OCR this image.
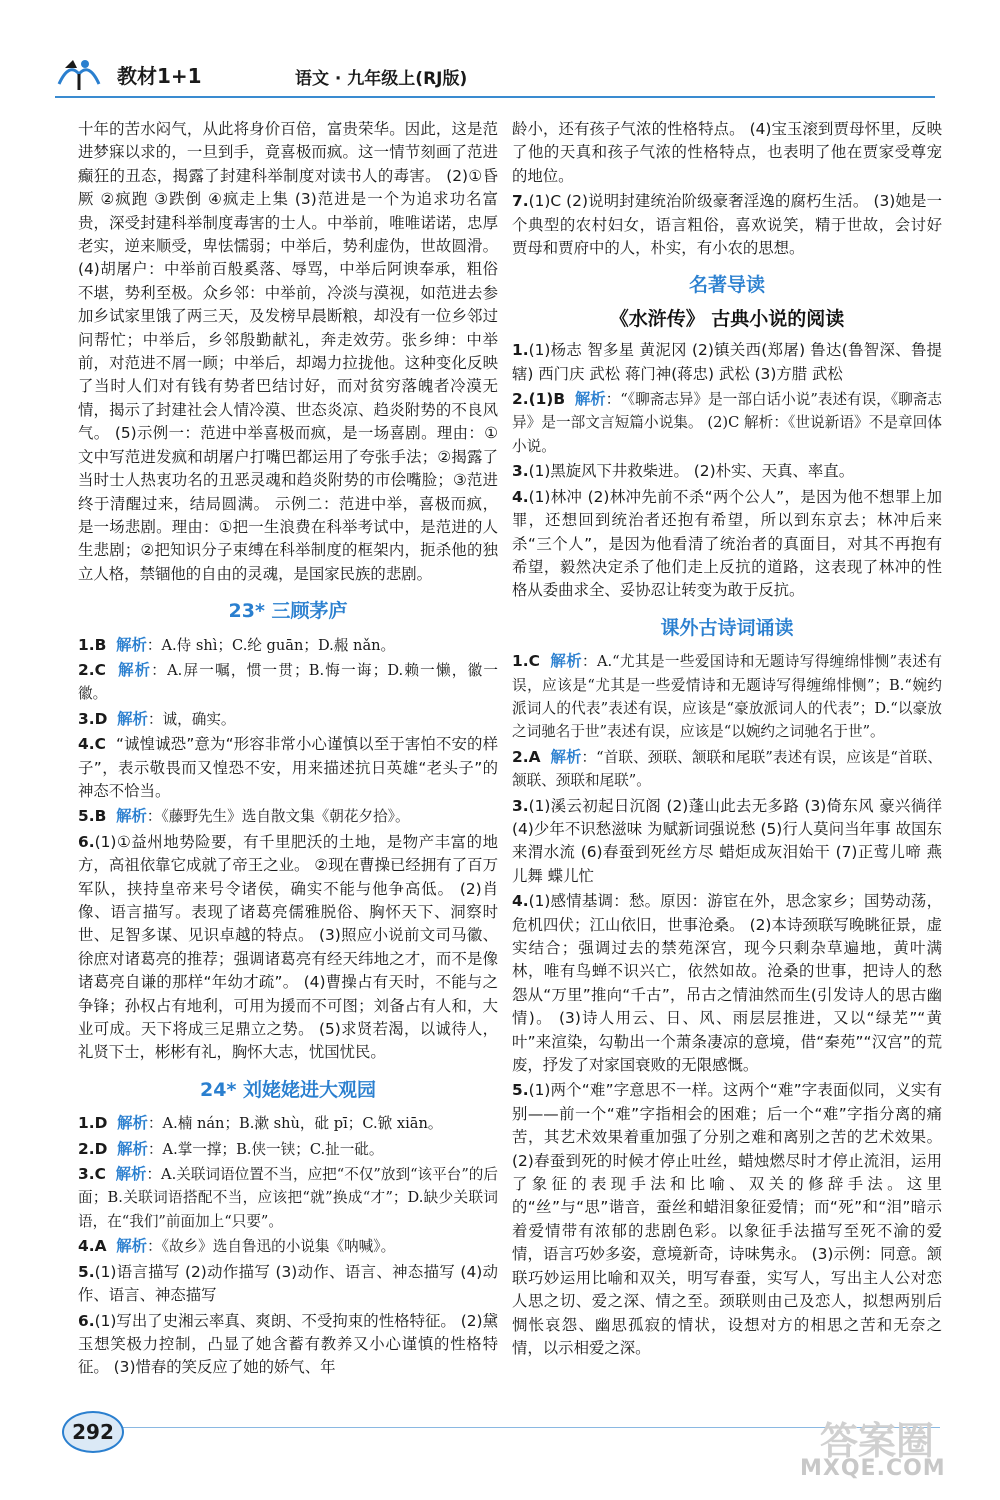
教材1+1	语文 · 九年级上(RJ版)

十年的苦水闷气，从此将身价百倍，富贵荣华。因此，这是范进梦寐以求的，一旦到手，竟喜极而疯。这一情节刻画了范进癫狂的丑态，揭露了封建科举制度对读书人的毒害。 (2)①昏厥 ②疯跑 ③跌倒 ④疯走上集 (3)范进是一个为追求功名富贵，深受封建科举制度毒害的士人。中举前，唯唯诺诺，忠厚老实，逆来顺受，卑怯懦弱；中举后，势利虚伪，世故圆滑。 (4)胡屠户：中举前百般奚落、辱骂，中举后阿谀奉承，粗俗不堪，势利至极。众乡邻：中举前，冷淡与漠视，如范进去参加乡试家里饿了两三天，及发榜早晨断粮，却没有一位乡邻过问帮忙；中举后，乡邻殷勤献礼，奔走效劳。张乡绅：中举前，对范进不屑一顾；中举后，却竭力拉拢他。这种变化反映了当时人们对有钱有势者巴结讨好，而对贫穷落魄者冷漠无情，揭示了封建社会人情冷漠、世态炎凉、趋炎附势的不良风气。 (5)示例一：范进中举喜极而疯，是一场喜剧。理由：①文中写范进发疯和胡屠户打嘴巴都运用了夸张手法；②揭露了当时士人热衷功名的丑恶灵魂和趋炎附势的市侩嘴脸；③范进终于清醒过来，结局圆满。 示例二：范进中举，喜极而疯，是一场悲剧。理由：①把一生浪费在科举考试中，是范进的人生悲剧；②把知识分子束缚在科举制度的框架内，扼杀他的独立人格，禁锢他的自由的灵魂，是国家民族的悲剧。

23* 三顾茅庐

1.B 解析：A.侍 shì；C.纶 guān；D.赧 nǎn。

2.C 解析：A.屏一嘱，惯一贯；B.悔一诲；D.赖一懒，徽一徽。

3.D 解析：诚，确实。

4.C “诚惶诚恐”意为“形容非常小心谨慎以至于害怕不安的样子”，表示敬畏而又惶恐不安，用来描述抗日英雄“老头子”的神态不恰当。

5.B 解析：《藤野先生》选自散文集《朝花夕拾》。

6.(1)①益州地势险要，有千里肥沃的土地，是物产丰富的地方，高祖依靠它成就了帝王之业。 ②现在曹操已经拥有了百万军队，挟持皇帝来号令诸侯，确实不能与他争高低。 (2)肖像、语言描写。表现了诸葛亮儒雅脱俗、胸怀天下、洞察时世、足智多谋、见识卓越的特点。 (3)照应小说前文司马徽、徐庶对诸葛亮的推荐；强调诸葛亮有经天纬地之才，而不是像诸葛亮自谦的那样“年幼才疏”。 (4)曹操占有天时，不能与之争锋；孙权占有地利，可用为援而不可图；刘备占有人和，大业可成。天下将成三足鼎立之势。 (5)求贤若渴，以诚待人，礼贤下士，彬彬有礼，胸怀大志，忧国忧民。

24* 刘姥姥进大观园

1.D 解析：A.楠 nán；B.漱 shù，砒 pī；C.锨 xiān。

2.D 解析：A.掌一撑；B.侠一铗；C.扯一砒。

3.C 解析：A.关联词语位置不当，应把“不仅”放到“该平台”的后面；B.关联词语搭配不当，应该把“就”换成“才”；D.缺少关联词语，在“我们”前面加上“只要”。

4.A 解析：《故乡》选自鲁迅的小说集《呐喊》。

5.(1)语言描写 (2)动作描写 (3)动作、语言、神态描写 (4)动作、语言、神态描写

6.(1)写出了史湘云率真、爽朗、不受拘束的性格特征。 (2)黛玉想笑极力控制，凸显了她含蓄有教养又小心谨慎的性格特征。 (3)惜春的笑反应了她的娇气、年

龄小，还有孩子气浓的性格特点。 (4)宝玉滚到贾母怀里，反映了他的天真和孩子气浓的性格特点，也表明了他在贾家受尊宠的地位。

7.(1)C (2)说明封建统治阶级豪奢淫逸的腐朽生活。 (3)她是一个典型的农村妇女，语言粗俗，喜欢说笑，精于世故，会讨好贾母和贾府中的人，朴实，有小农的思想。

名著导读
《水浒传》 古典小说的阅读

1.(1)杨志 智多星 黄泥冈 (2)镇关西(郑屠) 鲁达(鲁智深、鲁提辖) 西门庆 武松 蒋门神(蒋忠) 武松 (3)方腊 武松

2.(1)B 解析：“《聊斋志异》是一部白话小说”表述有误，《聊斋志异》是一部文言短篇小说集。 (2)C 解析：《世说新语》不是章回体小说。

3.(1)黑旋风下井救柴进。 (2)朴实、天真、率直。

4.(1)林冲 (2)林冲先前不杀“两个公人”，是因为他不想罪上加罪，还想回到统治者还抱有希望，所以到东京去；林冲后来杀“三个人”，是因为他看清了统治者的真面目，对其不再抱有希望，毅然决定杀了他们走上反抗的道路，这表现了林冲的性格从委曲求全、妥协忍让转变为敢于反抗。

课外古诗词诵读

1.C 解析：A.“尤其是一些爱国诗和无题诗写得缠绵悱恻”表述有误，应该是“尤其是一些爱情诗和无题诗写得缠绵悱恻”；B.“婉约派词人的代表”表述有误，应该是“豪放派词人的代表”；D.“以豪放之词驰名于世”表述有误，应该是“以婉约之词驰名于世”。

2.A 解析：“首联、颈联、颔联和尾联”表述有误，应该是“首联、颔联、颈联和尾联”。

3.(1)溪云初起日沉阁 (2)蓬山此去无多路 (3)倚东风 豪兴徜徉 (4)少年不识愁滋味 为赋新词强说愁 (5)行人莫问当年事 故国东来渭水流 (6)春蚕到死丝方尽 蜡炬成灰泪始干 (7)正莺儿啼 燕儿舞 蝶儿忙

4.(1)感情基调：愁。原因：游宦在外，思念家乡；国势动荡，危机四伏；江山依旧，世事沧桑。 (2)本诗颈联写晚眺征景，虚实结合；强调过去的禁苑深宫，现今只剩杂草遍地，黄叶满林，唯有鸟蝉不识兴亡，依然如故。沧桑的世事，把诗人的愁怨从“万里”推向“千古”，吊古之情油然而生(引发诗人的思古幽情)。 (3)诗人用云、日、风、雨层层推进，又以“绿芜”“黄叶”来渲染，勾勒出一个萧条凄凉的意境，借“秦苑”“汉宫”的荒废，抒发了对家国衰败的无限感慨。

5.(1)两个“难”字意思不一样。这两个“难”字表面似同，义实有别——前一个“难”字指相会的困难；后一个“难”字指分离的痛苦，其艺术效果着重加强了分别之难和离别之苦的艺术效果。 (2)春蚕到死的时候才停止吐丝，蜡烛燃尽时才停止流泪，运用了象征的表现手法和比喻、双关的修辞手法。这里的“丝”与“思”谐音，蚕丝和蜡泪象征爱情；而“死”和“泪”暗示着爱情带有浓郁的悲剧色彩。以象征手法描写至死不渝的爱情，语言巧妙多姿，意境新奇，诗味隽永。 (3)示例：同意。颔联巧妙运用比喻和双关，明写春蚕，实写人，写出主人公对恋人思之切、爱之深、情之至。颈联则由己及恋人，拟想两别后惆怅哀怨、幽思孤寂的情状，设想对方的相思之苦和无奈之情，以示相爱之深。

292	答案圈
MXQE.COM
